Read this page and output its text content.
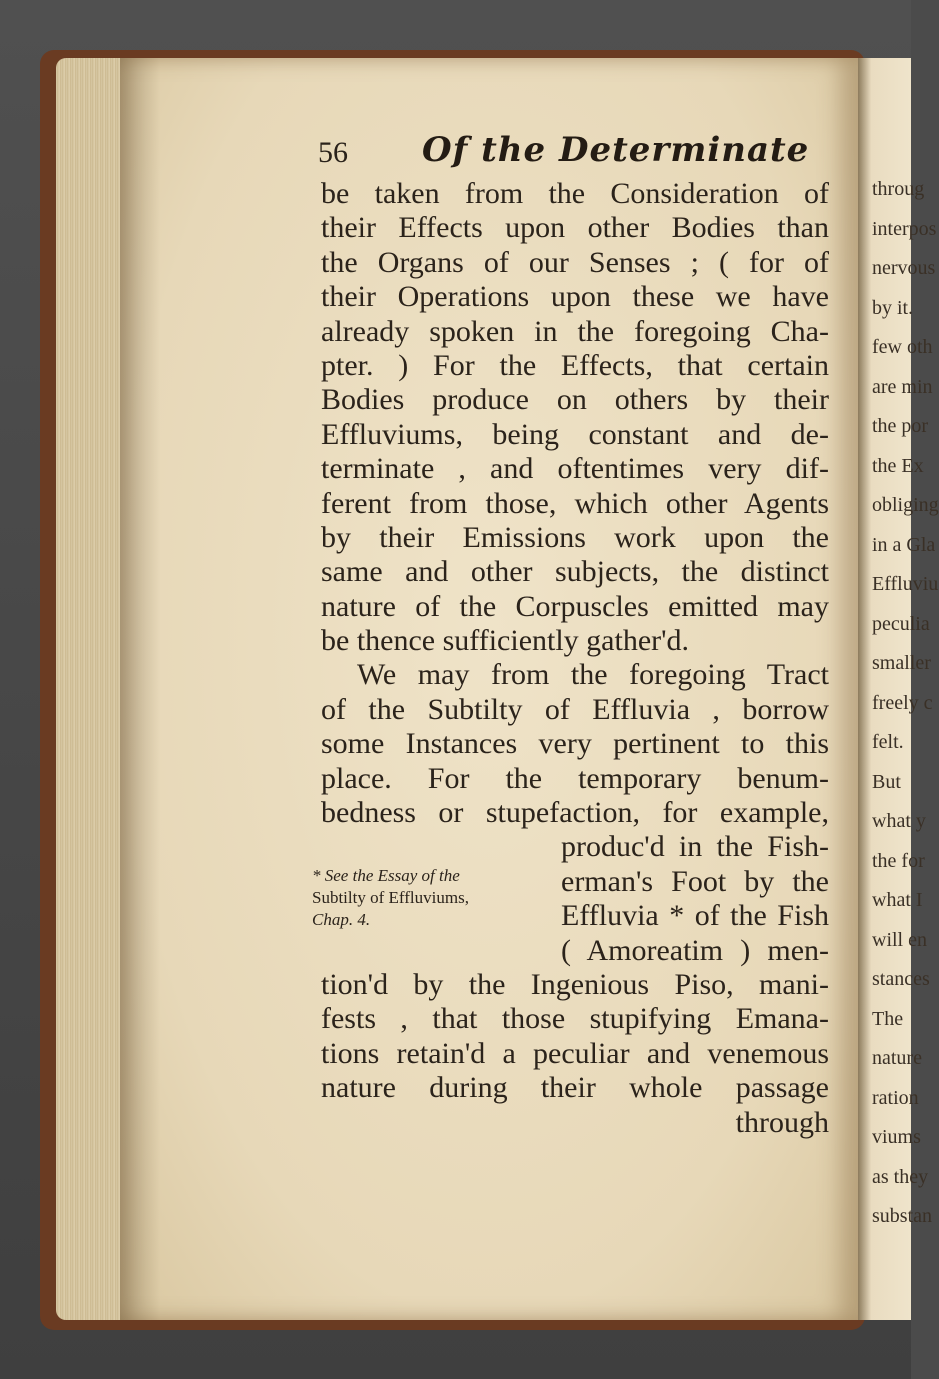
throug
interpos
nervous
by it.
few oth
are min
the por
the Ex
obliging
in a Gla
Effluviu
peculia
smaller
freely c
felt.
But
what y
the for
what I
will en
stances
The
nature
ration
viums
as they
substan
56 Of the Determinate
be taken from the Consideration of
their Effects upon other Bodies than
the Organs of our Senses ; ( for of
their Operations upon these we have
already spoken in the foregoing Cha-
pter. ) For the Effects, that certain
Bodies produce on others by their
Effluviums, being constant and de-
terminate , and oftentimes very dif-
ferent from those, which other Agents
by their Emissions work upon the
same and other subjects, the distinct
nature of the Corpuscles emitted may
be thence sufficiently gather'd.
We may from the foregoing Tract
of the Subtilty of Effluvia , borrow
some Instances very pertinent to this
place. For the temporary benum-
bedness or stupefaction, for example,
produc'd in the Fish-
erman's Foot by the
Effluvia * of the Fish
( Amoreatim ) men-
tion'd by the Ingenious Piso, mani-
fests , that those stupifying Emana-
tions retain'd a peculiar and venemous
nature during their whole passage
through
* See the Essay of the
Subtilty of Effluviums,
Chap. 4.
